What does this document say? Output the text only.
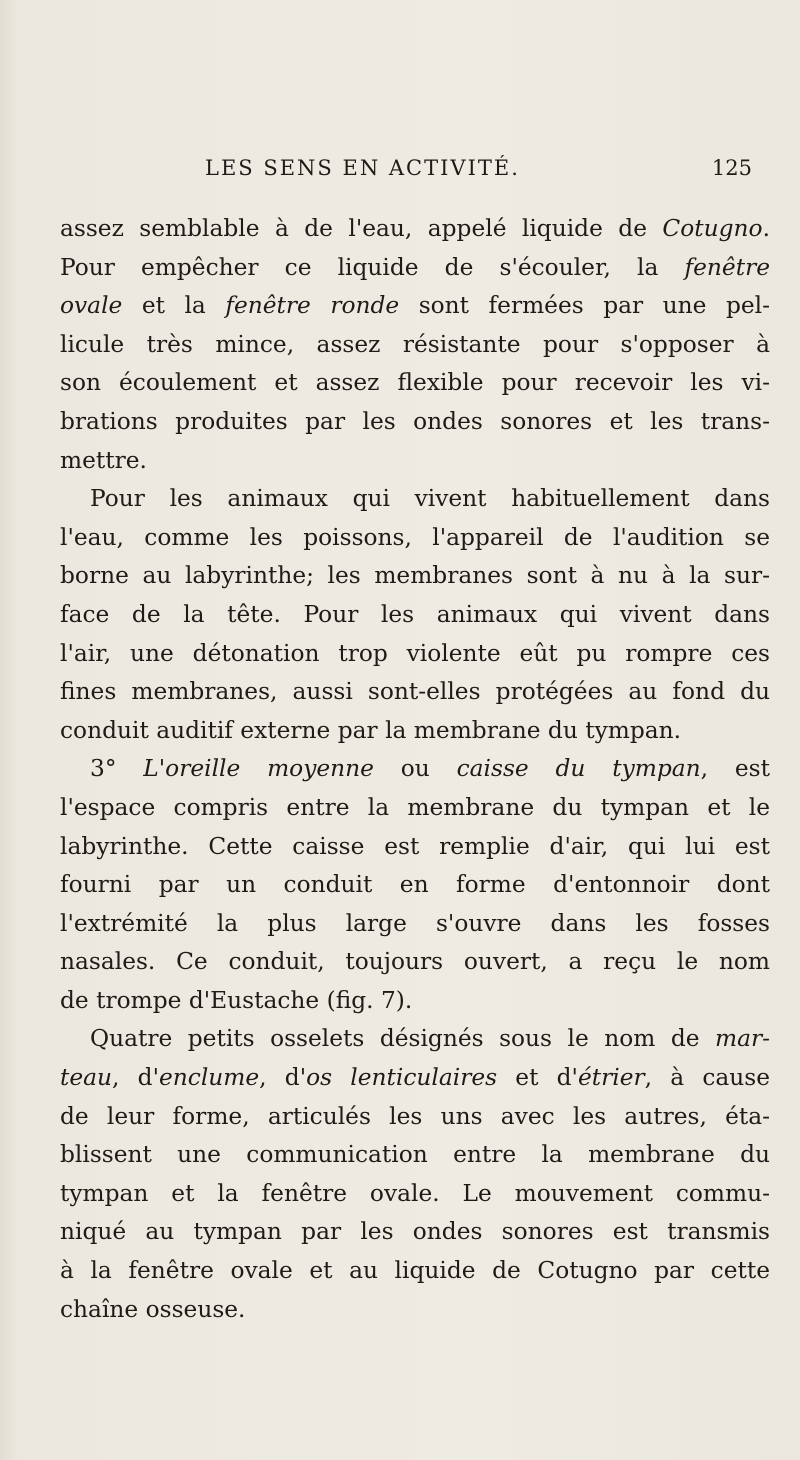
LES SENS EN ACTIVITÉ.	125
assez semblable à de l'eau, appelé liquide de Cotugno.
Pour empêcher ce liquide de s'écouler, la fenêtre
ovale et la fenêtre ronde sont fermées par une pel-
licule très mince, assez résistante pour s'opposer à
son écoulement et assez flexible pour recevoir les vi-
brations produites par les ondes sonores et les trans-
mettre.
Pour les animaux qui vivent habituellement dans
l'eau, comme les poissons, l'appareil de l'audition se
borne au labyrinthe; les membranes sont à nu à la sur-
face de la tête. Pour les animaux qui vivent dans
l'air, une détonation trop violente eût pu rompre ces
fines membranes, aussi sont-elles protégées au fond du
conduit auditif externe par la membrane du tympan.
3° L'oreille moyenne ou caisse du tympan, est
l'espace compris entre la membrane du tympan et le
labyrinthe. Cette caisse est remplie d'air, qui lui est
fourni par un conduit en forme d'entonnoir dont
l'extrémité la plus large s'ouvre dans les fosses
nasales. Ce conduit, toujours ouvert, a reçu le nom
de trompe d'Eustache (fig. 7).
Quatre petits osselets désignés sous le nom de mar-
teau, d'enclume, d'os lenticulaires et d'étrier, à cause
de leur forme, articulés les uns avec les autres, éta-
blissent une communication entre la membrane du
tympan et la fenêtre ovale. Le mouvement commu-
niqué au tympan par les ondes sonores est transmis
à la fenêtre ovale et au liquide de Cotugno par cette
chaîne osseuse.
